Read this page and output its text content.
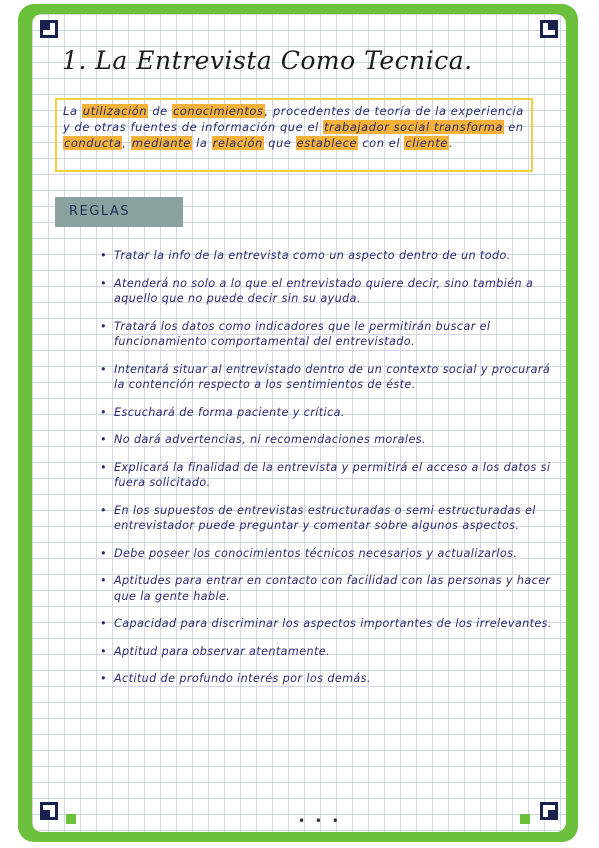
1. La Entrevista Como Tecnica.

La utilización de conocimientos, procedentes de teoría de la experiencia y de otras fuentes de información que el trabajador social transforma en conducta, mediante la relación que establece con el cliente.

REGLAS
• Tratar la info de la entrevista como un aspecto dentro de un todo.
• Atenderá no solo a lo que el entrevistado quiere decir, sino también a aquello que no puede decir sin su ayuda.
• Tratará los datos como indicadores que le permitirán buscar el funcionamiento comportamental del entrevistado.
• Intentará situar al entrevistado dentro de un contexto social y procurará la contención respecto a los sentimientos de éste.
• Escuchará de forma paciente y crítica.
• No dará advertencias, ni recomendaciones morales.
• Explicará la finalidad de la entrevista y permitirá el acceso a los datos si fuera solicitado.
• En los supuestos de entrevistas estructuradas o semi estructuradas el entrevistador puede preguntar y comentar sobre algunos aspectos.
• Debe poseer los conocimientos técnicos necesarios y actualizarlos.
• Aptitudes para entrar en contacto con facilidad con las personas y hacer que la gente hable.
• Capacidad para discriminar los aspectos importantes de los irrelevantes.
• Aptitud para observar atentamente.
• Actitud de profundo interés por los demás.
• • •
